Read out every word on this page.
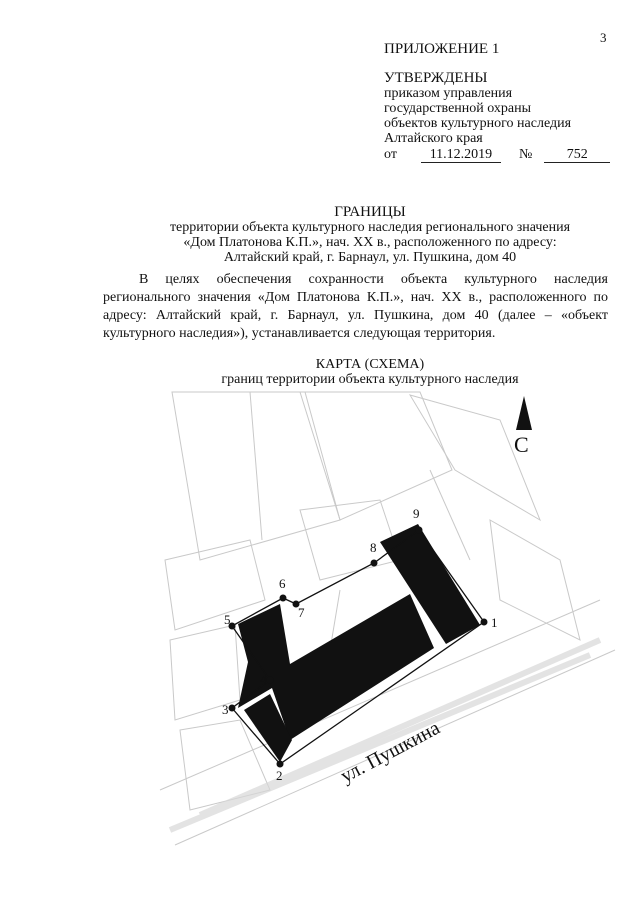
3
ПРИЛОЖЕНИЕ 1
УТВЕРЖДЕНЫ
приказом управления
государственной охраны
объектов культурного наследия
Алтайского края
от	11.12.2019	№	752
ГРАНИЦЫ
территории объекта культурного наследия регионального значения
«Дом Платонова К.П.», нач. XX в., расположенного по адресу:
Алтайский край, г. Барнаул, ул. Пушкина, дом 40
В целях обеспечения сохранности объекта культурного наследия регионального значения «Дом Платонова К.П.», нач. XX в., расположенного по адресу: Алтайский край, г. Барнаул, ул. Пушкина, дом 40 (далее – «объект культурного наследия»), устанавливается следующая территория.
КАРТА (СХЕМА)
границ территории объекта культурного наследия
1
2
3
4
5
6
7
8
9
ул. Пушкина
С
